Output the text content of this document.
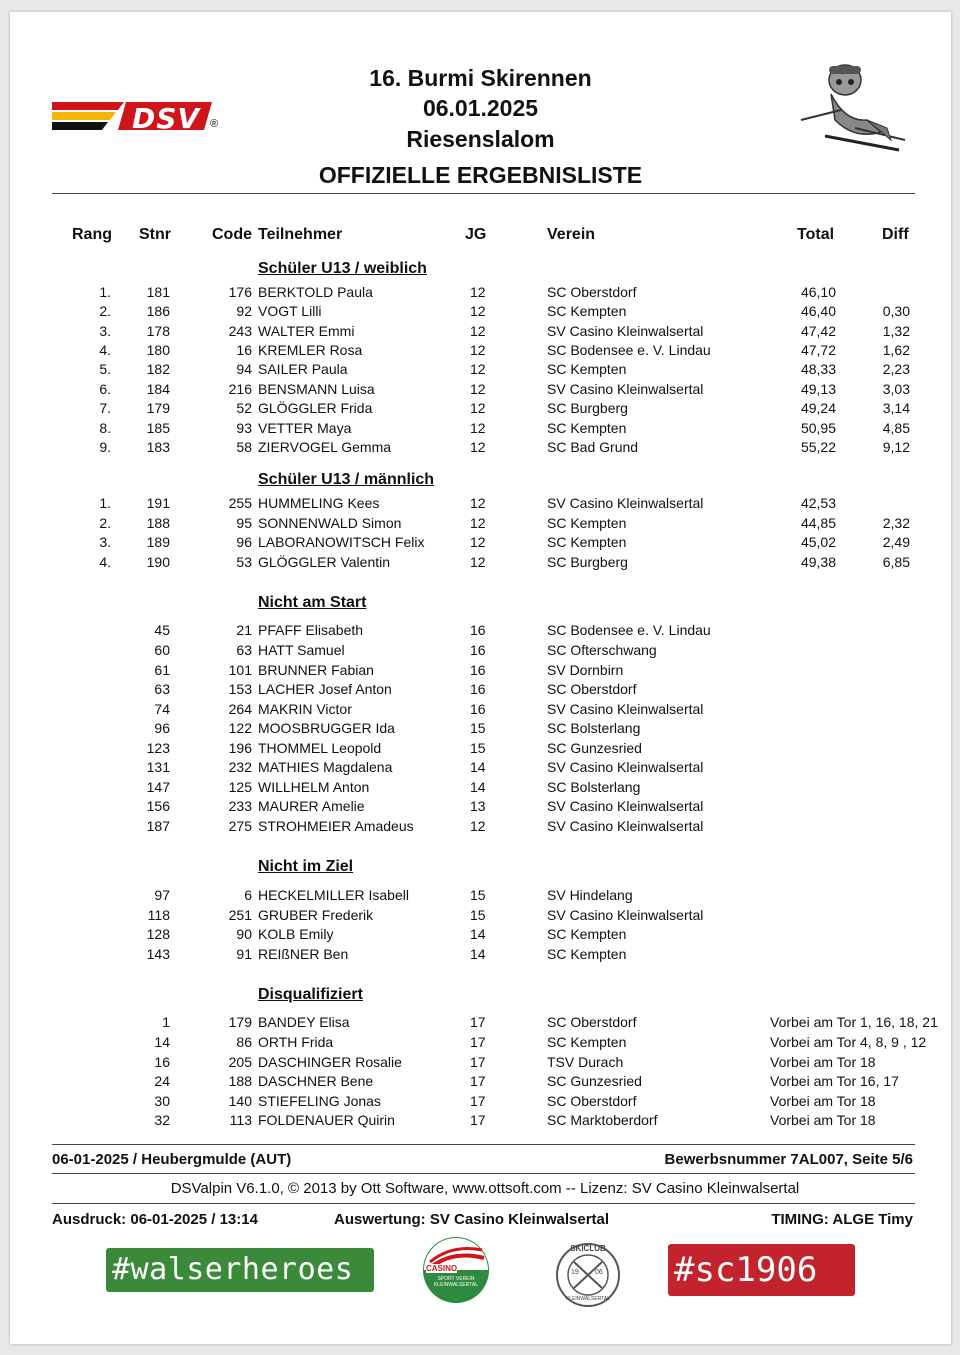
DSV ®
16. Burmi Skirennen
06.01.2025
Riesenslalom
OFFIZIELLE ERGEBNISLISTE
Rang Stnr	Code Teilnehmer	JG	Verein	Total	Diff
Schüler U13 / weiblich
Schüler U13 / männlich
Nicht am Start
Nicht im Ziel
Disqualifiziert
1.	181	176 BERKTOLD Paula	12	SC Oberstdorf	46,10
2.	186	92 VOGT Lilli	12	SC Kempten	46,40	0,30
3.	178	243 WALTER Emmi	12	SV Casino Kleinwalsertal	47,42	1,32
4.	180	16 KREMLER Rosa	12	SC Bodensee e. V. Lindau	47,72	1,62
5.	182	94 SAILER Paula	12	SC Kempten	48,33	2,23
6.	184	216 BENSMANN Luisa	12	SV Casino Kleinwalsertal	49,13	3,03
7.	179	52 GLÖGGLER Frida	12	SC Burgberg	49,24	3,14
8.	185	93 VETTER Maya	12	SC Kempten	50,95	4,85
9.	183	58 ZIERVOGEL Gemma	12	SC Bad Grund	55,22	9,12
1.	191	255 HUMMELING Kees	12	SV Casino Kleinwalsertal	42,53
2.	188	95 SONNENWALD Simon	12	SC Kempten	44,85	2,32
3.	189	96 LABORANOWITSCH Felix	12	SC Kempten	45,02	2,49
4.	190	53 GLÖGGLER Valentin	12	SC Burgberg	49,38	6,85
45	21 PFAFF Elisabeth	16	SC Bodensee e. V. Lindau
60	63 HATT Samuel	16	SC Ofterschwang
61	101 BRUNNER Fabian	16	SV Dornbirn
63	153 LACHER Josef Anton	16	SC Oberstdorf
74	264 MAKRIN Victor	16	SV Casino Kleinwalsertal
96	122 MOOSBRUGGER Ida	15	SC Bolsterlang
123	196 THOMMEL Leopold	15	SC Gunzesried
131	232 MATHIES Magdalena	14	SV Casino Kleinwalsertal
147	125 WILLHELM Anton	14	SC Bolsterlang
156	233 MAURER Amelie	13	SV Casino Kleinwalsertal
187	275 STROHMEIER Amadeus	12	SV Casino Kleinwalsertal
97	6 HECKELMILLER Isabell	15	SV Hindelang
118	251 GRUBER Frederik	15	SV Casino Kleinwalsertal
128	90 KOLB Emily	14	SC Kempten
143	91 REIßNER Ben	14	SC Kempten
1	179 BANDEY Elisa	17	SC Oberstdorf	Vorbei am Tor 1, 16, 18, 21
14	86 ORTH Frida	17	SC Kempten	Vorbei am Tor 4, 8, 9 , 12
16	205 DASCHINGER Rosalie	17	TSV Durach	Vorbei am Tor 18
24	188 DASCHNER Bene	17	SC Gunzesried	Vorbei am Tor 16, 17
30	140 STIEFELING Jonas	17	SC Oberstdorf	Vorbei am Tor 18
32	113 FOLDENAUER Quirin	17	SC Marktoberdorf	Vorbei am Tor 18
06-01-2025 / Heubergmulde (AUT)	Bewerbsnummer 7AL007, Seite 5/6
DSValpin V6.1.0, © 2013 by Ott Software, www.ottsoft.com -- Lizenz: SV Casino Kleinwalsertal
Ausdruck: 06-01-2025 / 13:14	Auswertung: SV Casino Kleinwalsertal	TIMING: ALGE Timy
#walserheroes	CASINO
SPORT VEREIN KLEINWALSERTAL
SKICLUB
19 06
KLEINWALSERTAL
#sc1906
